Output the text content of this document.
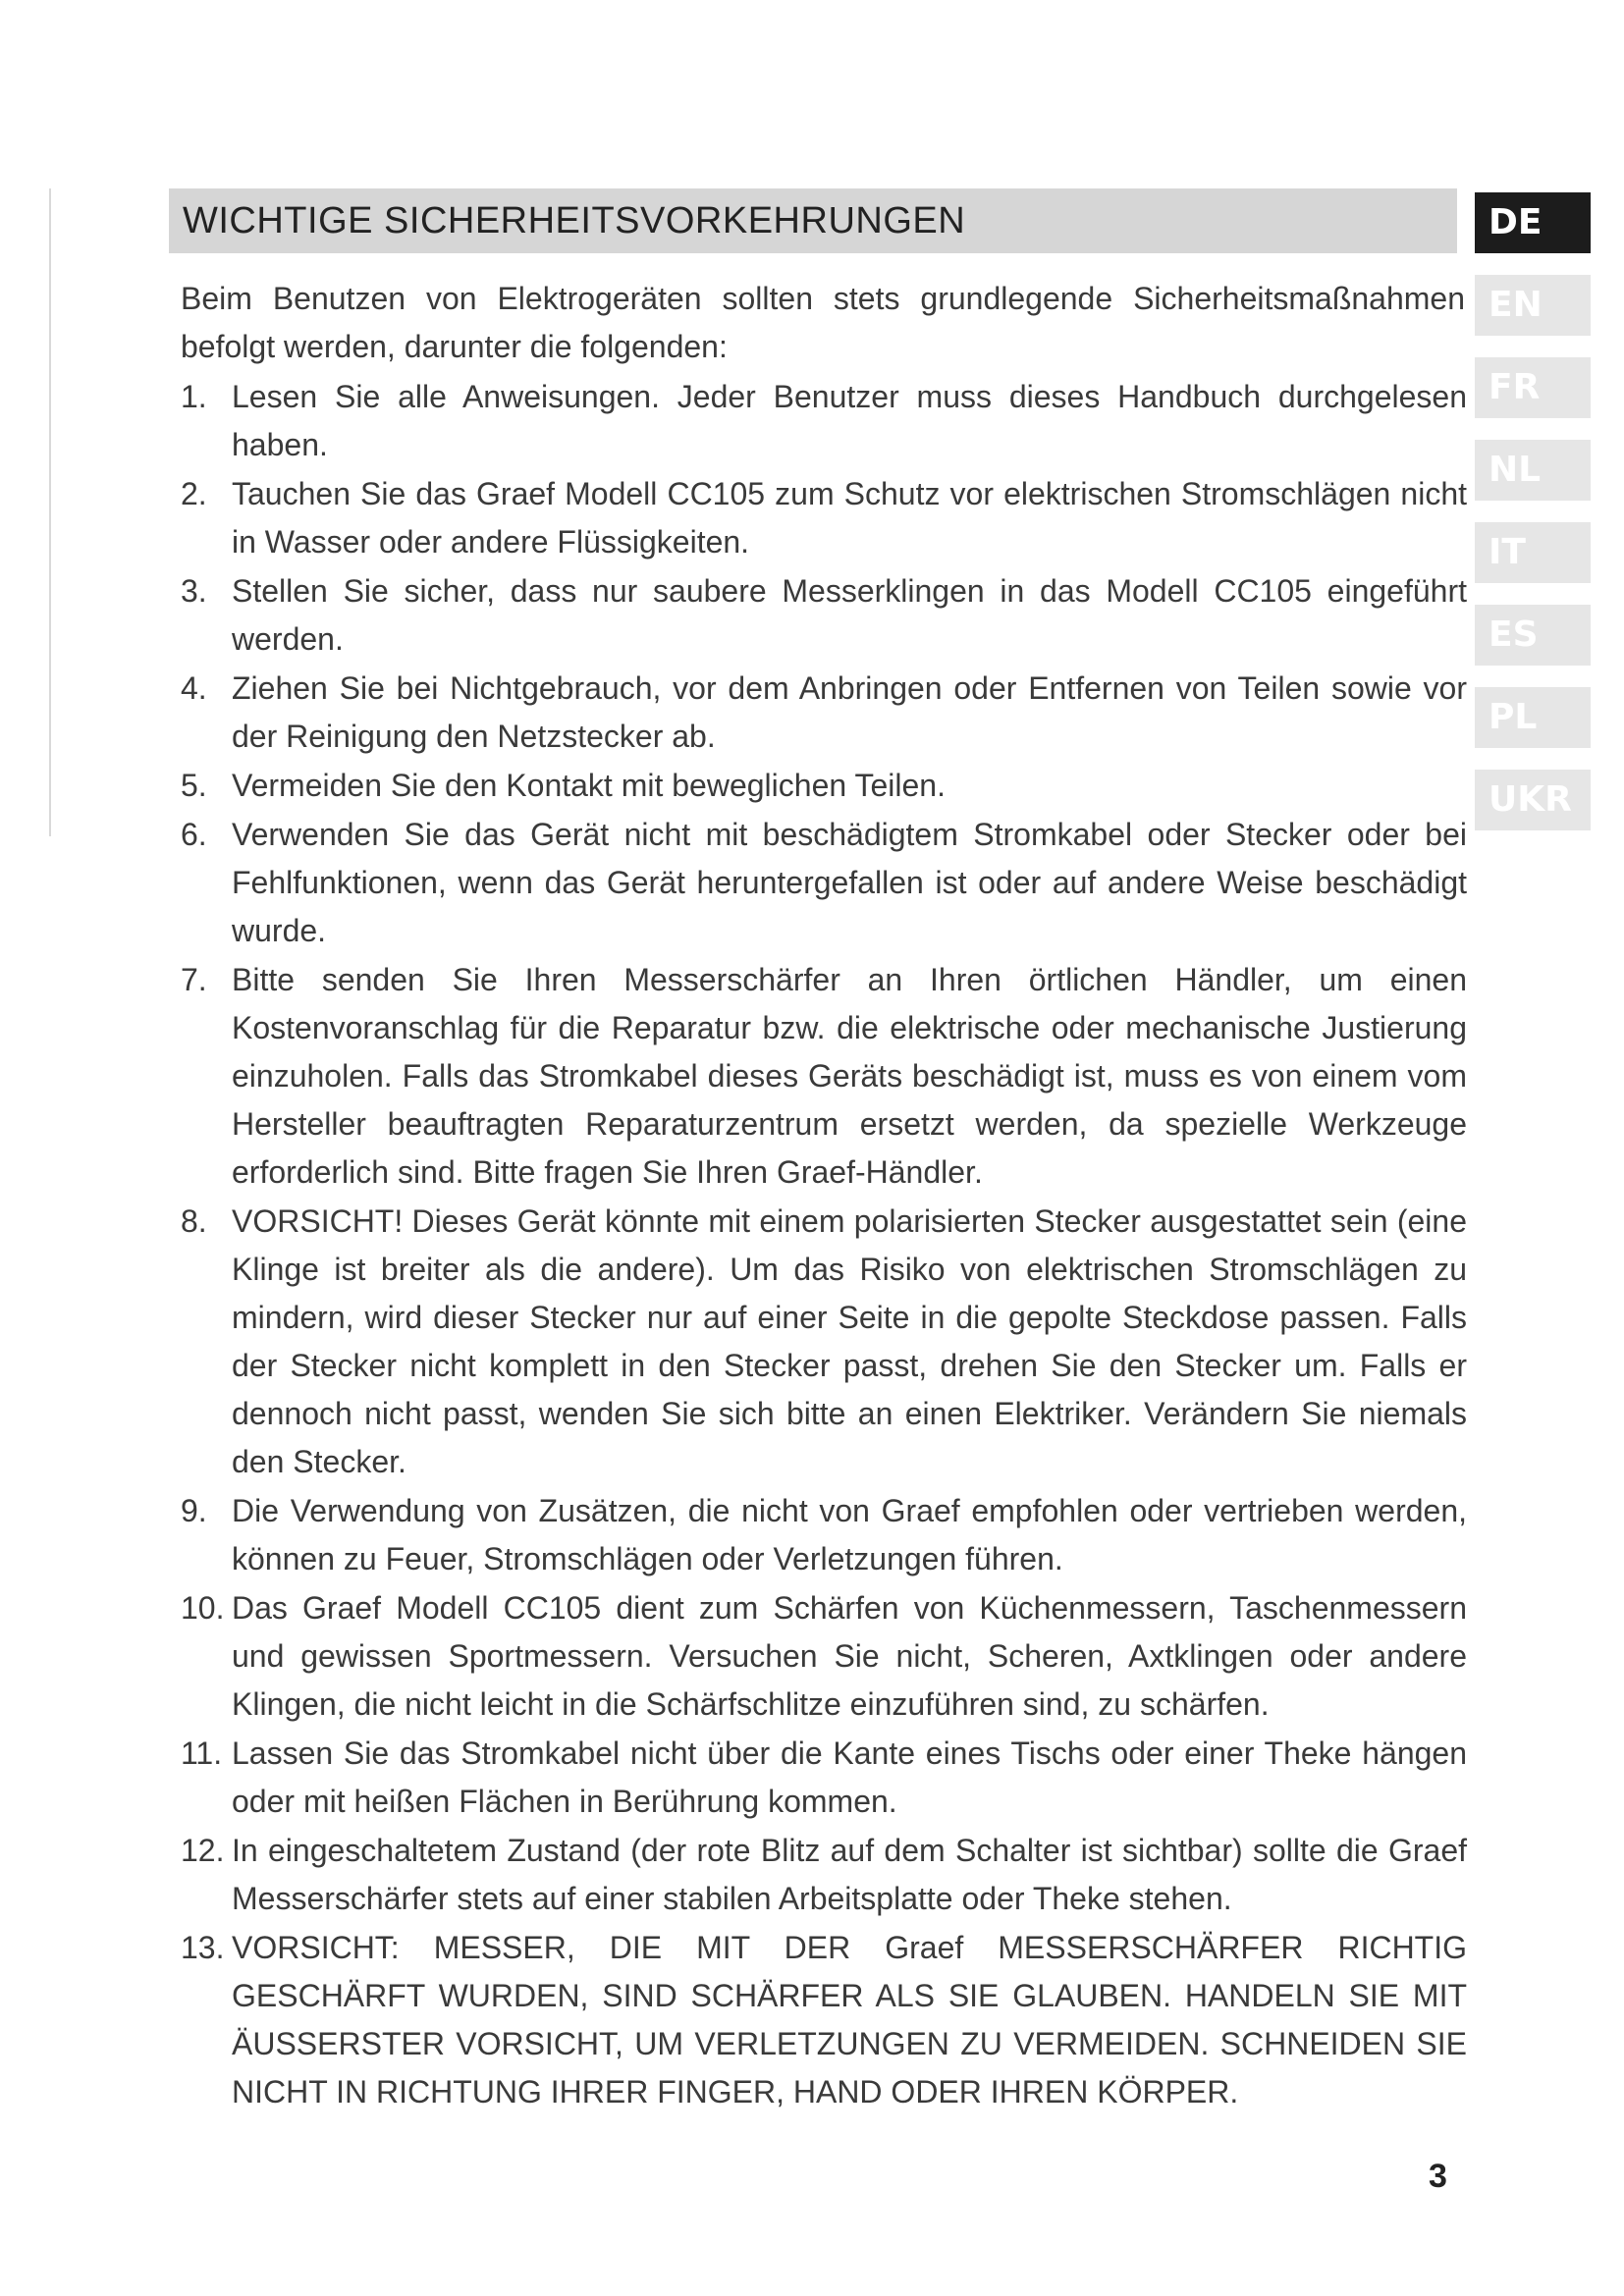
WICHTIGE SICHERHEITSVORKEHRUNGEN	DE
EN
FR
NL
IT
ES
PL
UKR

Beim Benutzen von Elektrogeräten sollten stets grundlegende Sicherheitsmaßnahmen befolgt werden, darunter die folgenden:

1. Lesen Sie alle Anweisungen. Jeder Benutzer muss dieses Handbuch durchgelesen haben.
2. Tauchen Sie das Graef Modell CC105 zum Schutz vor elektrischen Stromschlägen nicht in Wasser oder andere Flüssigkeiten.
3. Stellen Sie sicher, dass nur saubere Messerklingen in das Modell CC105 eingeführt werden.
4. Ziehen Sie bei Nichtgebrauch, vor dem Anbringen oder Entfernen von Teilen sowie vor der Reinigung den Netzstecker ab.
5. Vermeiden Sie den Kontakt mit beweglichen Teilen.
6. Verwenden Sie das Gerät nicht mit beschädigtem Stromkabel oder Stecker oder bei Fehlfunktionen, wenn das Gerät heruntergefallen ist oder auf andere Weise beschädigt wurde.
7. Bitte senden Sie Ihren Messerschärfer an Ihren örtlichen Händler, um einen Kostenvoranschlag für die Reparatur bzw. die elektrische oder mechanische Justierung einzuholen. Falls das Stromkabel dieses Geräts beschädigt ist, muss es von einem vom Hersteller beauftragten Reparaturzentrum ersetzt werden, da spezielle Werkzeuge erforderlich sind. Bitte fragen Sie Ihren Graef-Händler.
8. VORSICHT! Dieses Gerät könnte mit einem polarisierten Stecker ausgestattet sein (eine Klinge ist breiter als die andere). Um das Risiko von elektrischen Stromschlägen zu mindern, wird dieser Stecker nur auf einer Seite in die gepolte Steckdose passen. Falls der Stecker nicht komplett in den Stecker passt, drehen Sie den Stecker um. Falls er dennoch nicht passt, wenden Sie sich bitte an einen Elektriker. Verändern Sie niemals den Stecker.
9. Die Verwendung von Zusätzen, die nicht von Graef empfohlen oder vertrieben werden, können zu Feuer, Stromschlägen oder Verletzungen führen.
10. Das Graef Modell CC105 dient zum Schärfen von Küchenmessern, Taschenmessern und gewissen Sportmessern. Versuchen Sie nicht, Scheren, Axtklingen oder andere Klingen, die nicht leicht in die Schärfschlitze einzuführen sind, zu schärfen.
11. Lassen Sie das Stromkabel nicht über die Kante eines Tischs oder einer Theke hängen oder mit heißen Flächen in Berührung kommen.
12. In eingeschaltetem Zustand (der rote Blitz auf dem Schalter ist sichtbar) sollte die Graef Messerschärfer stets auf einer stabilen Arbeitsplatte oder Theke stehen.
13. VORSICHT: MESSER, DIE MIT DER Graef MESSERSCHÄRFER RICHTIG GESCHÄRFT WURDEN, SIND SCHÄRFER ALS SIE GLAUBEN. HANDELN SIE MIT ÄUSSERSTER VORSICHT, UM VERLETZUNGEN ZU VERMEIDEN. SCHNEIDEN SIE NICHT IN RICHTUNG IHRER FINGER, HAND ODER IHREN KÖRPER.
3
